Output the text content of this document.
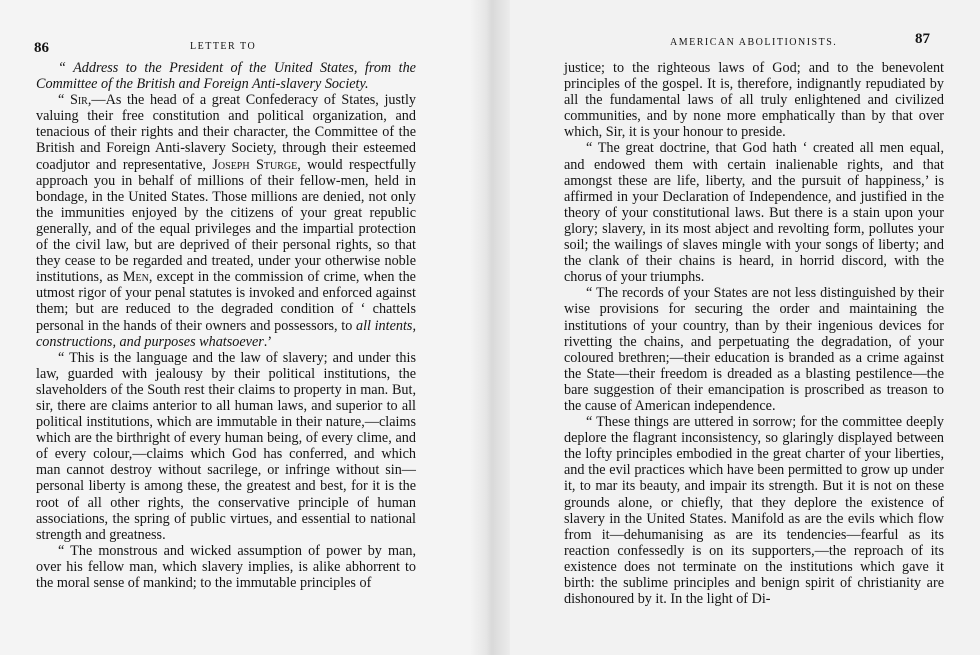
86	LETTER TO

“ Address to the President of the United States, from the Committee of the British and Foreign Anti-slavery Society.

“ Sir,—As the head of a great Confederacy of States, justly valuing their free constitution and political organization, and tenacious of their rights and their character, the Committee of the British and Foreign Anti-slavery Society, through their esteemed coadjutor and representative, Joseph Sturge, would respectfully approach you in behalf of millions of their fellow-men, held in bondage, in the United States. Those millions are denied, not only the immunities enjoyed by the citizens of your great republic generally, and of the equal privileges and the impartial protection of the civil law, but are deprived of their personal rights, so that they cease to be regarded and treated, under your otherwise noble institutions, as Men, except in the commission of crime, when the utmost rigor of your penal statutes is invoked and enforced against them; but are reduced to the degraded condition of ‘ chattels personal in the hands of their owners and possessors, to all intents, constructions, and purposes whatsoever.’

“ This is the language and the law of slavery; and under this law, guarded with jealousy by their political institutions, the slaveholders of the South rest their claims to property in man. But, sir, there are claims anterior to all human laws, and superior to all political institutions, which are immutable in their nature,—claims which are the birthright of every human being, of every clime, and of every colour,—claims which God has conferred, and which man cannot destroy without sacrilege, or infringe without sin—personal liberty is among these, the greatest and best, for it is the root of all other rights, the conservative principle of human associations, the spring of public virtues, and essential to national strength and greatness.

“ The monstrous and wicked assumption of power by man, over his fellow man, which slavery implies, is alike abhorrent to the moral sense of mankind; to the immutable principles of

AMERICAN ABOLITIONISTS.	87

justice; to the righteous laws of God; and to the benevolent principles of the gospel. It is, therefore, indignantly repudiated by all the fundamental laws of all truly enlightened and civilized communities, and by none more emphatically than by that over which, Sir, it is your honour to preside.

“ The great doctrine, that God hath ‘ created all men equal, and endowed them with certain inalienable rights, and that amongst these are life, liberty, and the pursuit of happiness,’ is affirmed in your Declaration of Independence, and justified in the theory of your constitutional laws. But there is a stain upon your glory; slavery, in its most abject and revolting form, pollutes your soil; the wailings of slaves mingle with your songs of liberty; and the clank of their chains is heard, in horrid discord, with the chorus of your triumphs.

“ The records of your States are not less distinguished by their wise provisions for securing the order and maintaining the institutions of your country, than by their ingenious devices for rivetting the chains, and perpetuating the degradation, of your coloured brethren;—their education is branded as a crime against the State—their freedom is dreaded as a blasting pestilence—the bare suggestion of their emancipation is proscribed as treason to the cause of American independence.

“ These things are uttered in sorrow; for the committee deeply deplore the flagrant inconsistency, so glaringly displayed between the lofty principles embodied in the great charter of your liberties, and the evil practices which have been permitted to grow up under it, to mar its beauty, and impair its strength. But it is not on these grounds alone, or chiefly, that they deplore the existence of slavery in the United States. Manifold as are the evils which flow from it—dehumanising as are its tendencies—fearful as its reaction confessedly is on its supporters,—the reproach of its existence does not terminate on the institutions which gave it birth: the sublime principles and benign spirit of christianity are dishonoured by it. In the light of Di-
